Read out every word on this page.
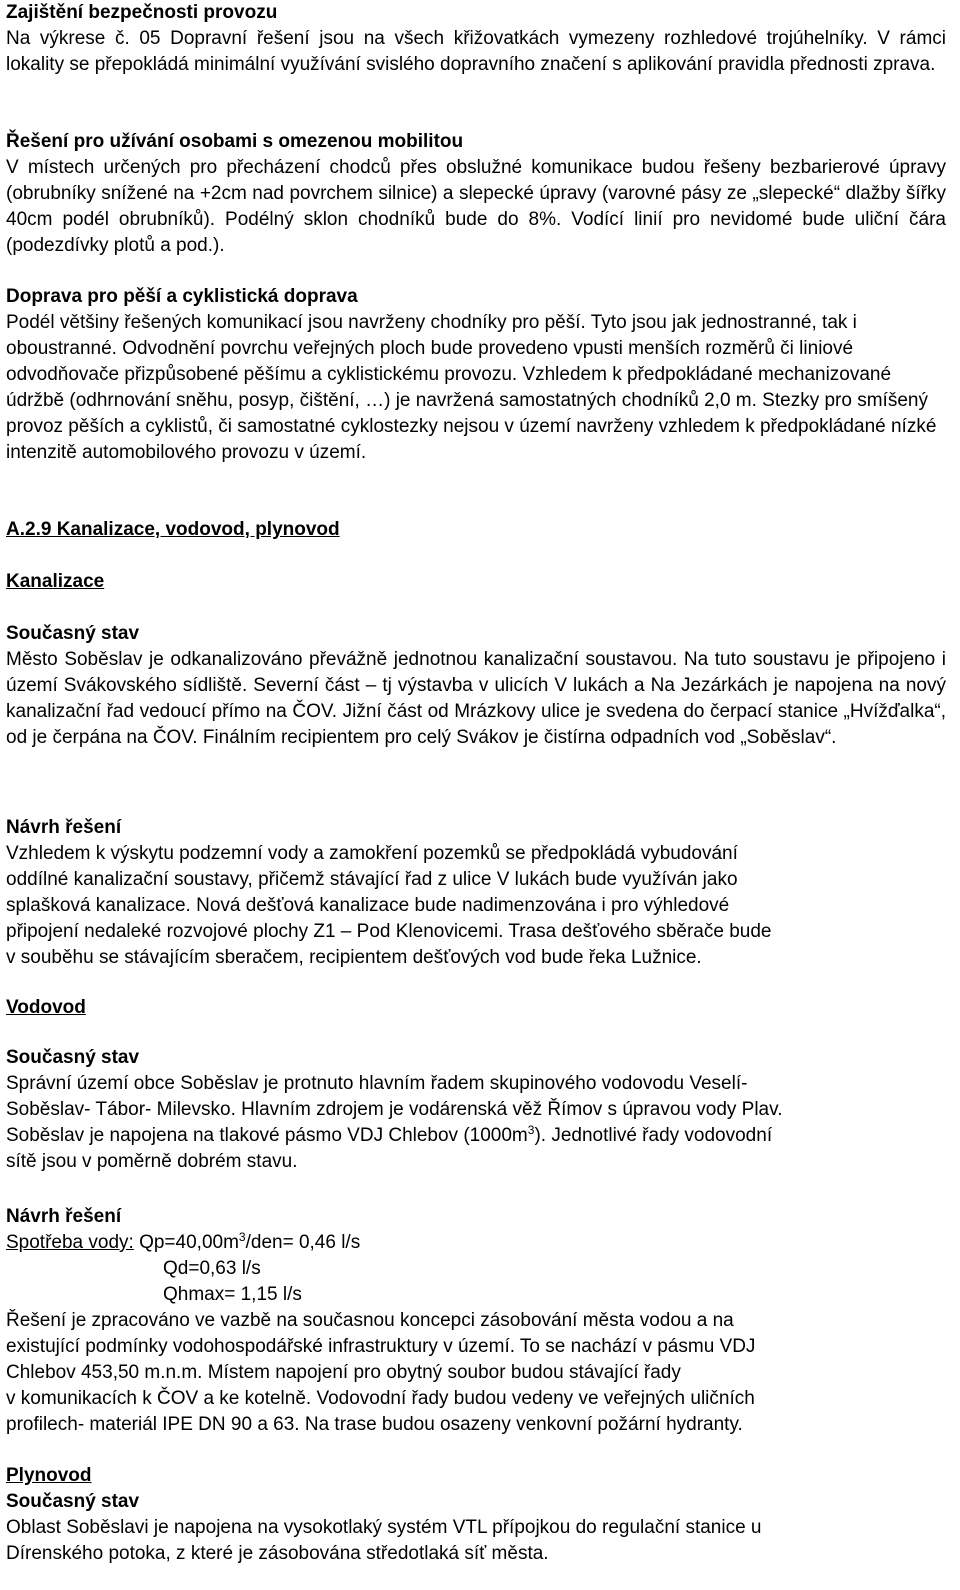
Zajištění bezpečnosti provozu

Na výkrese č. 05 Dopravní řešení jsou na všech křižovatkách vymezeny rozhledové trojúhelníky. V rámci lokality se přepokládá minimální využívání svislého dopravního značení s aplikování pravidla přednosti zprava.

Řešení pro užívání osobami s omezenou mobilitou

V místech určených pro přecházení chodců přes obslužné komunikace budou řešeny bezbarierové úpravy (obrubníky snížené na +2cm nad povrchem silnice) a slepecké úpravy (varovné pásy ze „slepecké“ dlažby šířky 40cm podél obrubníků). Podélný sklon chodníků bude do 8%. Vodící linií pro nevidomé bude uliční čára (podezdívky plotů a pod.).

Doprava pro pěší a cyklistická doprava

Podél většiny řešených komunikací jsou navrženy chodníky pro pěší. Tyto jsou jak jednostranné, tak i oboustranné. Odvodnění povrchu veřejných ploch bude provedeno vpusti menších rozměrů či liniové odvodňovače přizpůsobené pěšímu a cyklistickému provozu. Vzhledem k předpokládané mechanizované údržbě (odhrnování sněhu, posyp, čištění, …) je navržená samostatných chodníků 2,0 m. Stezky pro smíšený provoz pěších a cyklistů, či samostatné cyklostezky nejsou v území navrženy vzhledem k předpokládané nízké intenzitě automobilového provozu v území.

A.2.9 Kanalizace, vodovod, plynovod

Kanalizace

Současný stav

Město Soběslav je odkanalizováno převážně jednotnou kanalizační soustavou. Na tuto soustavu je připojeno i území Svákovského sídliště. Severní část – tj výstavba v ulicích V lukách a Na Jezárkách je napojena na nový kanalizační řad vedoucí přímo na ČOV. Jižní část od Mrázkovy ulice je svedena do čerpací stanice „Hvížďalka“, od je čerpána na ČOV. Finálním recipientem pro celý Svákov je čistírna odpadních vod „Soběslav“.

Návrh řešení

Vzhledem k výskytu podzemní vody a zamokření pozemků se předpokládá vybudování

oddílné kanalizační soustavy, přičemž stávající řad z ulice V lukách bude využíván jako

splašková kanalizace. Nová dešťová kanalizace bude nadimenzována i pro výhledové

připojení nedaleké rozvojové plochy Z1 – Pod Klenovicemi. Trasa dešťového sběrače bude

v souběhu se stávajícím sberačem, recipientem dešťových vod bude řeka Lužnice.

Vodovod

Současný stav

Správní území obce Soběslav je protnuto hlavním řadem skupinového vodovodu Veselí-

Soběslav- Tábor- Milevsko. Hlavním zdrojem je vodárenská věž Římov s úpravou vody Plav.

Soběslav je napojena na tlakové pásmo VDJ Chlebov $(1000m^3)$. Jednotlivé řady vodovodní

sítě jsou v poměrně dobrém stavu.

Návrh řešení

Spotřeba vody: $Qp=40,00m^3/den= 0,46$ l/s

Qd=0,63 l/s

Qhmax= 1,15 l/s

Řešení je zpracováno ve vazbě na současnou koncepci zásobování města vodou a na

existující podmínky vodohospodářské infrastruktury v území. To se nachází v pásmu VDJ

Chlebov 453,50 m.n.m. Místem napojení pro obytný soubor budou stávající řady

v komunikacích k ČOV a ke kotelně. Vodovodní řady budou vedeny ve veřejných uličních

profilech- materiál IPE DN 90 a 63. Na trase budou osazeny venkovní požární hydranty.

Plynovod

Současný stav

Oblast Soběslavi je napojena na vysokotlaký systém VTL přípojkou do regulační stanice u

Dírenského potoka, z které je zásobována středotlaká síť města.
